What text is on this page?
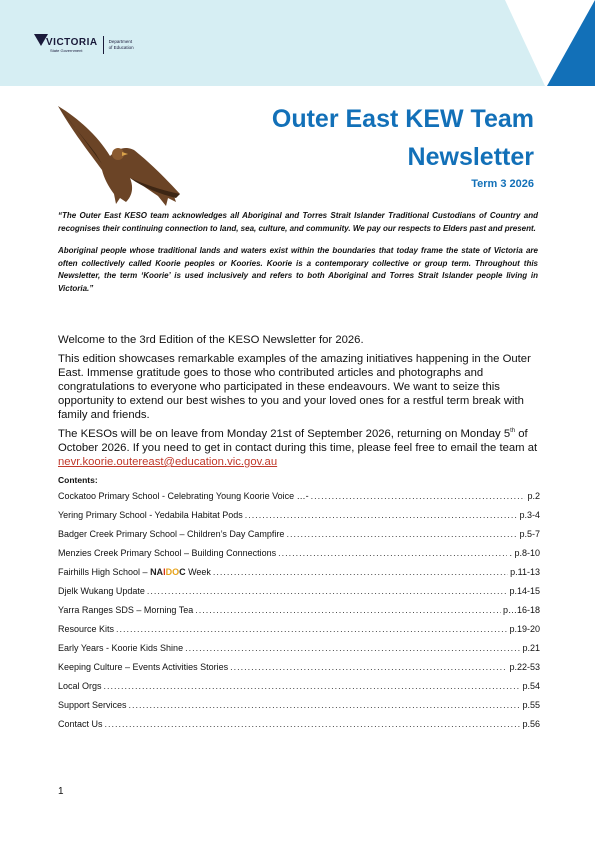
VICTORIA
State Government
Department
of Education
Outer East KEW Team
Newsletter
Term 3 2026

“The Outer East KESO team acknowledges all Aboriginal and Torres Strait Islander Traditional Custodians of Country and recognises their continuing connection to land, sea, culture, and community. We pay our respects to Elders past and present.

Aboriginal people whose traditional lands and waters exist within the boundaries that today frame the state of Victoria are often collectively called Koorie peoples or Koories. Koorie is a contemporary collective or group term. Throughout this Newsletter, the term ‘Koorie’ is used inclusively and refers to both Aboriginal and Torres Strait Islander people living in Victoria.”

Welcome to the 3rd Edition of the KESO Newsletter for 2026.

This edition showcases remarkable examples of the amazing initiatives happening in the Outer East. Immense gratitude goes to those who contributed articles and photographs and congratulations to everyone who participated in these endeavours. We want to seize this opportunity to extend our best wishes to you and your loved ones for a restful term break with family and friends.

The KESOs will be on leave from Monday 21st of September 2026, returning on Monday 5th of October 2026. If you need to get in contact during this time, please feel free to email the team at nevr.koorie.outereast@education.vic.gov.au

Contents:
Cockatoo Primary School - Celebrating Young Koorie Voice …- .....	p.2
Yering Primary School - Yedabila Habitat Pods .....	p.3-4
Badger Creek Primary School – Children’s Day Campfire .....	p.5-7
Menzies Creek Primary School – Building Connections .....	. p.8-10
Fairhills High School – NAIDOC Week .....	p.11-13
Djelk Wukang Update .....	p.14-15
Yarra Ranges SDS – Morning Tea .....	p…16-18
Resource Kits .....	p.19-20
Early Years - Koorie Kids Shine .....	p.21
Keeping Culture – Events Activities Stories .....	p.22-53
Local Orgs .....	p.54
Support Services .....	p.55
Contact Us .....	p.56
1
